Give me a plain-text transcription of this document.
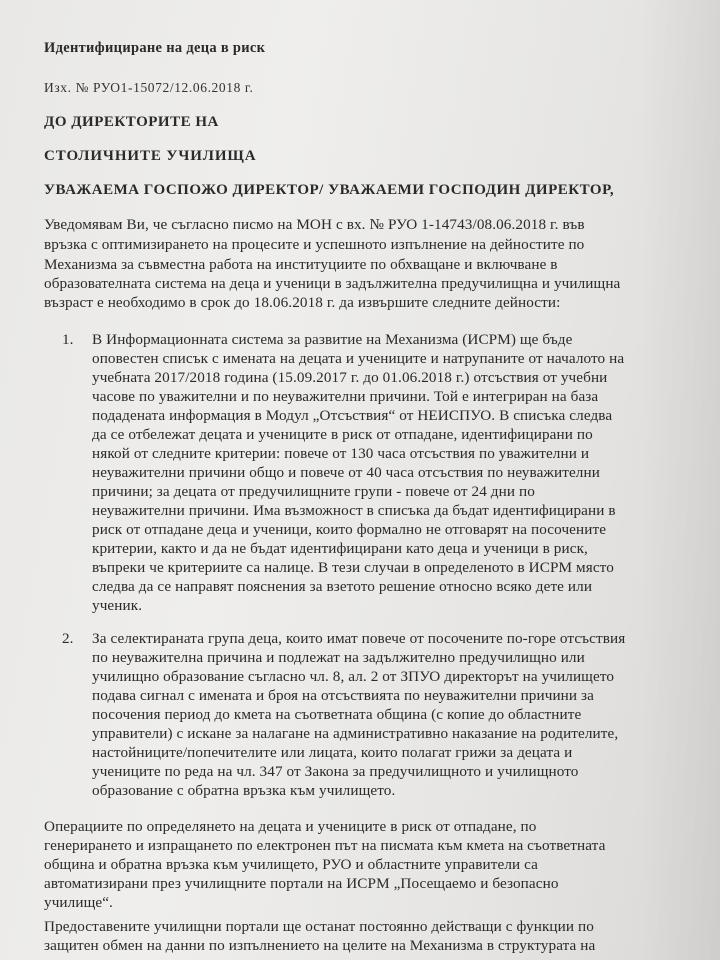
Идентифициране на деца в риск
Изх. № РУО1-15072/12.06.2018 г.
ДО ДИРЕКТОРИТЕ НА
СТОЛИЧНИТЕ УЧИЛИЩА
УВАЖАЕМА ГОСПОЖО ДИРЕКТОР/ УВАЖАЕМИ ГОСПОДИН ДИРЕКТОР,
Уведомявам Ви, че съгласно писмо на МОН с вх. № РУО 1-14743/08.06.2018 г. във
връзка с оптимизирането на процесите и успешното изпълнение на дейностите по
Механизма за съвместна работа на институциите по обхващане и включване в
образователната система на деца и ученици в задължителна предучилищна и училищна
възраст е необходимо в срок до 18.06.2018 г. да извършите следните дейности:
1. В Информационната система за развитие на Механизма (ИСРМ) ще бъде
оповестен списък с имената на децата и учениците и натрупаните от началото на
учебната 2017/2018 година (15.09.2017 г. до 01.06.2018 г.) отсъствия от учебни
часове по уважителни и по неуважителни причини. Той е интегриран на база
подадената информация в Модул „Отсъствия“ от НЕИСПУО. В списъка следва
да се отбележат децата и учениците в риск от отпадане, идентифицирани по
някой от следните критерии: повече от 130 часа отсъствия по уважителни и
неуважителни причини общо и повече от 40 часа отсъствия по неуважителни
причини; за децата от предучилищните групи - повече от 24 дни по
неуважителни причини. Има възможност в списъка да бъдат идентифицирани в
риск от отпадане деца и ученици, които формално не отговарят на посочените
критерии, както и да не бъдат идентифицирани като деца и ученици в риск,
въпреки че критериите са налице. В тези случаи в определеното в ИСРМ място
следва да се направят пояснения за взетото решение относно всяко дете или
ученик.
2. За селектираната група деца, които имат повече от посочените по-горе отсъствия
по неуважителна причина и подлежат на задължително предучилищно или
училищно образование съгласно чл. 8, ал. 2 от ЗПУО директорът на училището
подава сигнал с имената и броя на отсъствията по неуважителни причини за
посочения период до кмета на съответната община (с копие до областните
управители) с искане за налагане на административно наказание на родителите,
настойниците/попечителите или лицата, които полагат грижи за децата и
учениците по реда на чл. 347 от Закона за предучилищното и училищното
образование с обратна връзка към училището.
Операциите по определянето на децата и учениците в риск от отпадане, по
генерирането и изпращането по електронен път на писмата към кмета на съответната
община и обратна връзка към училището, РУО и областните управители са
автоматизирани през училищните портали на ИСРМ „Посещаемо и безопасно
училище“.
Предоставените училищни портали ще останат постоянно действащи с функции по
защитен обмен на данни по изпълнението на целите на Механизма в структурата на
